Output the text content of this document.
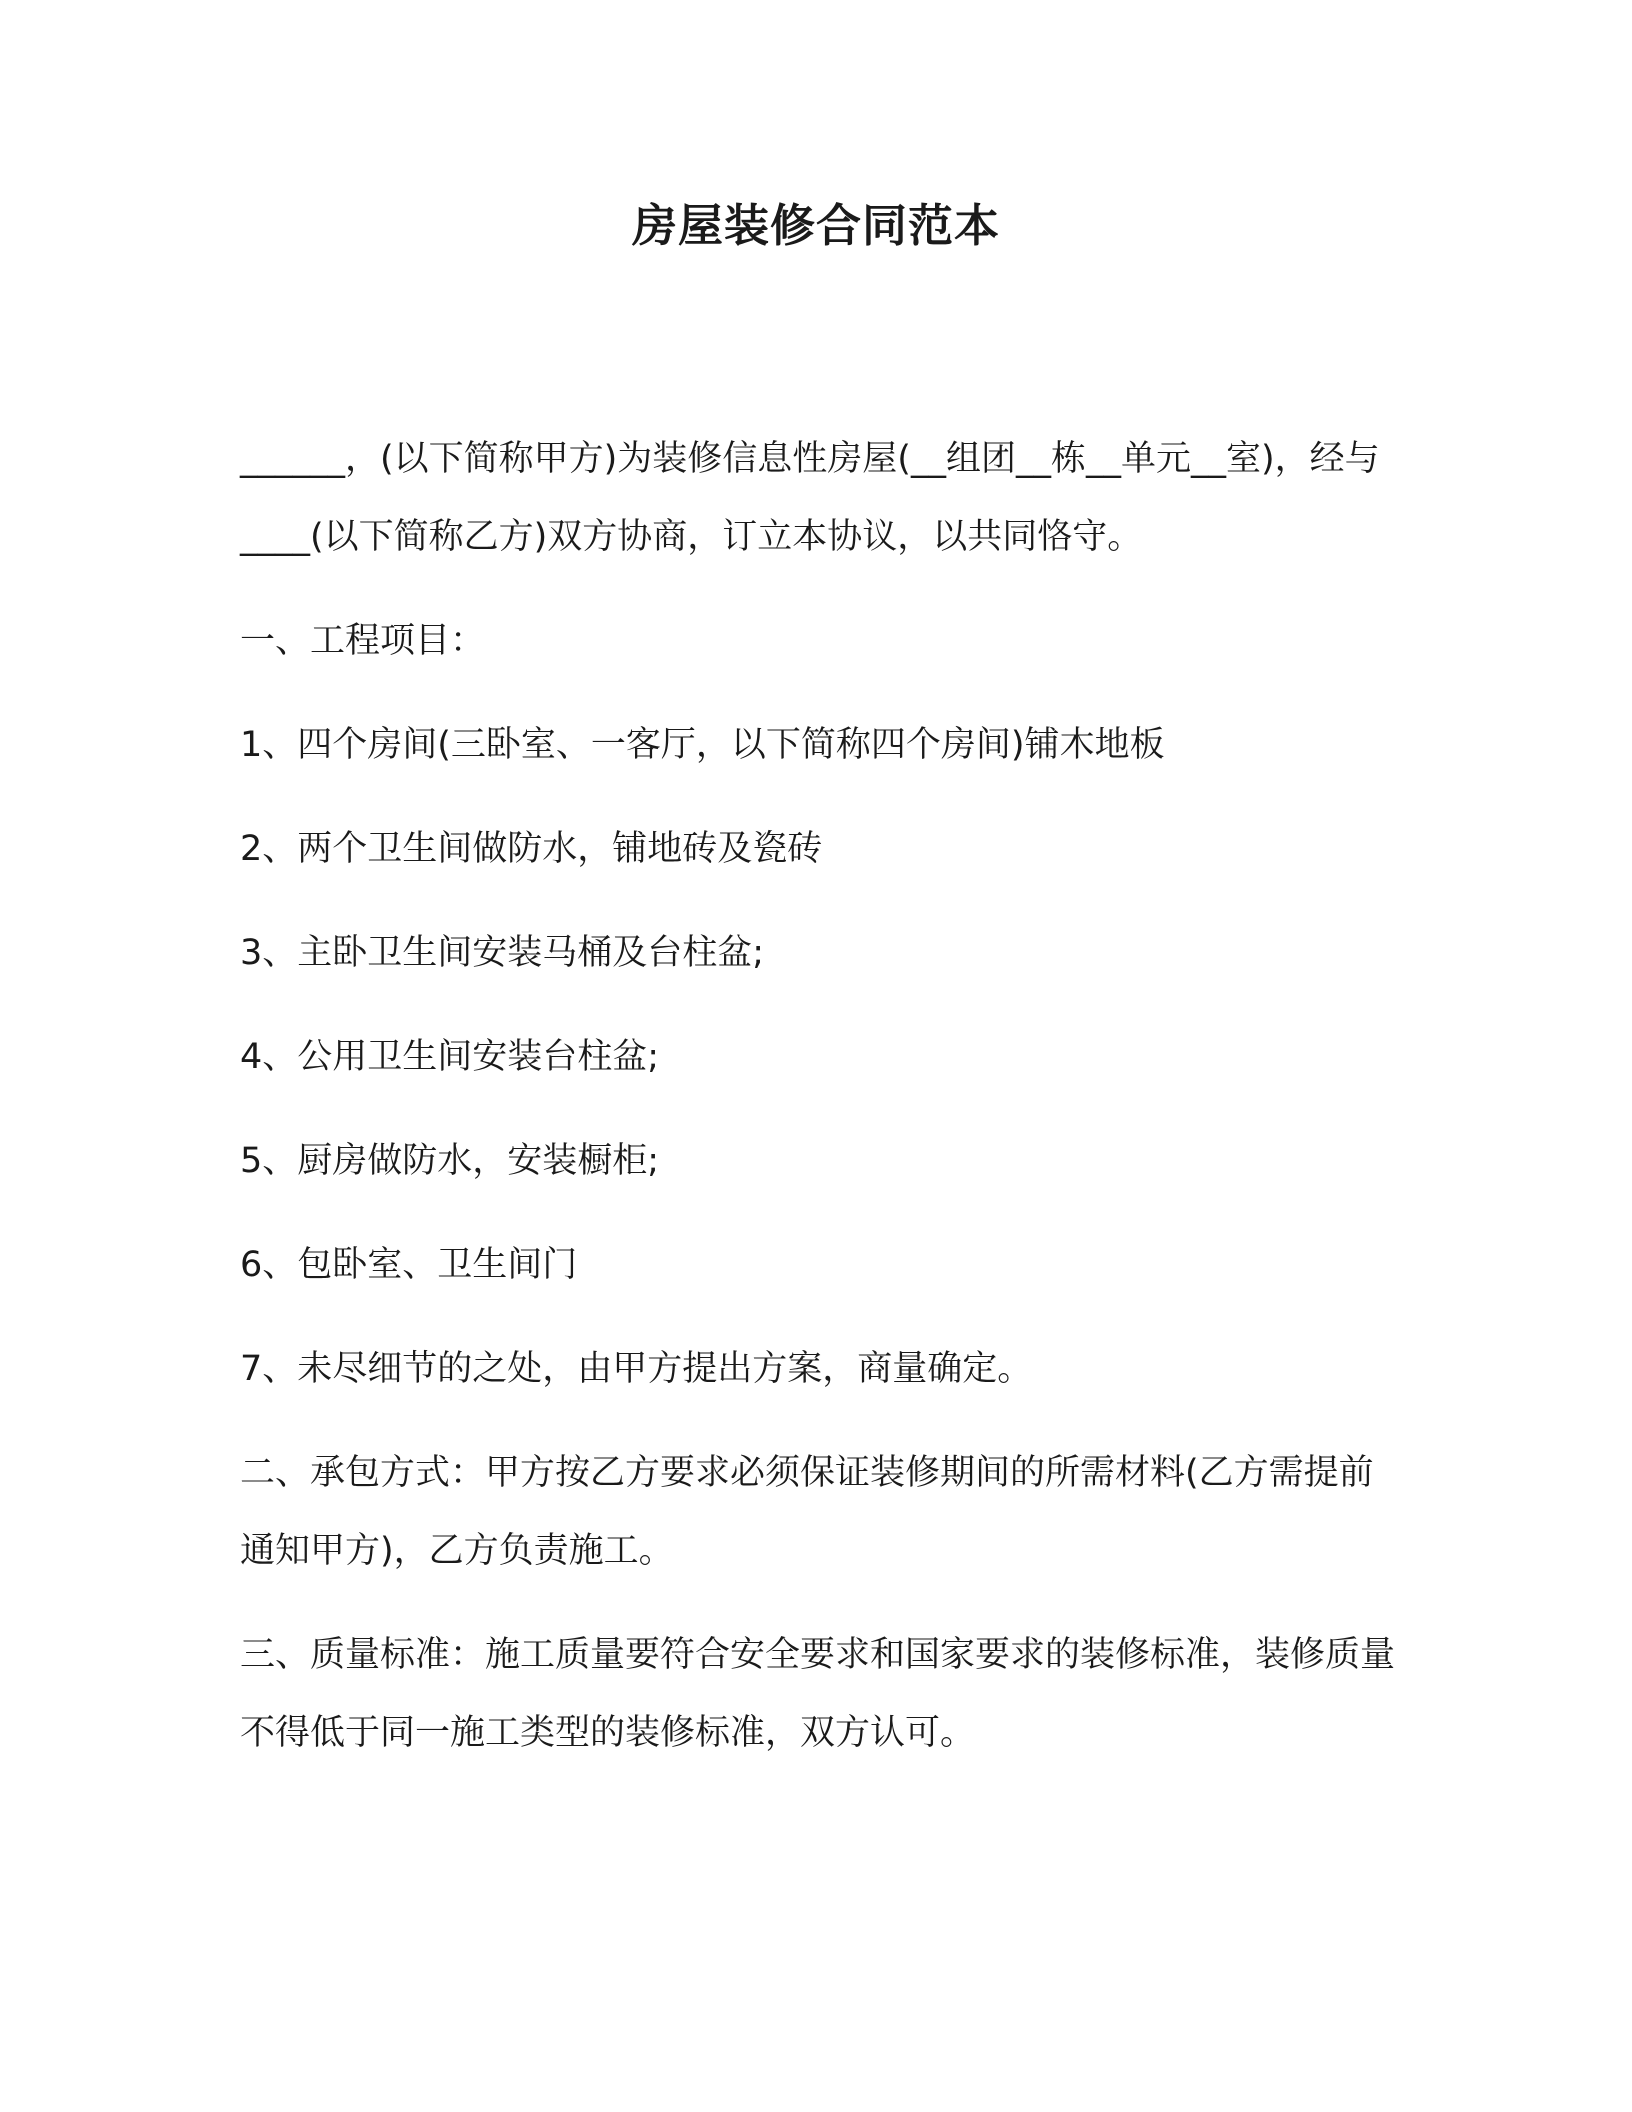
房屋装修合同范本

______，(以下简称甲方)为装修信息性房屋(__组团__栋__单元__室)，经与____(以下简称乙方)双方协商，订立本协议，以共同恪守。

一、工程项目：

1、四个房间(三卧室、一客厅，以下简称四个房间)铺木地板

2、两个卫生间做防水，铺地砖及瓷砖

3、主卧卫生间安装马桶及台柱盆;

4、公用卫生间安装台柱盆;

5、厨房做防水，安装橱柜;

6、包卧室、卫生间门

7、未尽细节的之处，由甲方提出方案，商量确定。

二、承包方式：甲方按乙方要求必须保证装修期间的所需材料(乙方需提前通知甲方)，乙方负责施工。

三、质量标准：施工质量要符合安全要求和国家要求的装修标准，装修质量不得低于同一施工类型的装修标准，双方认可。
